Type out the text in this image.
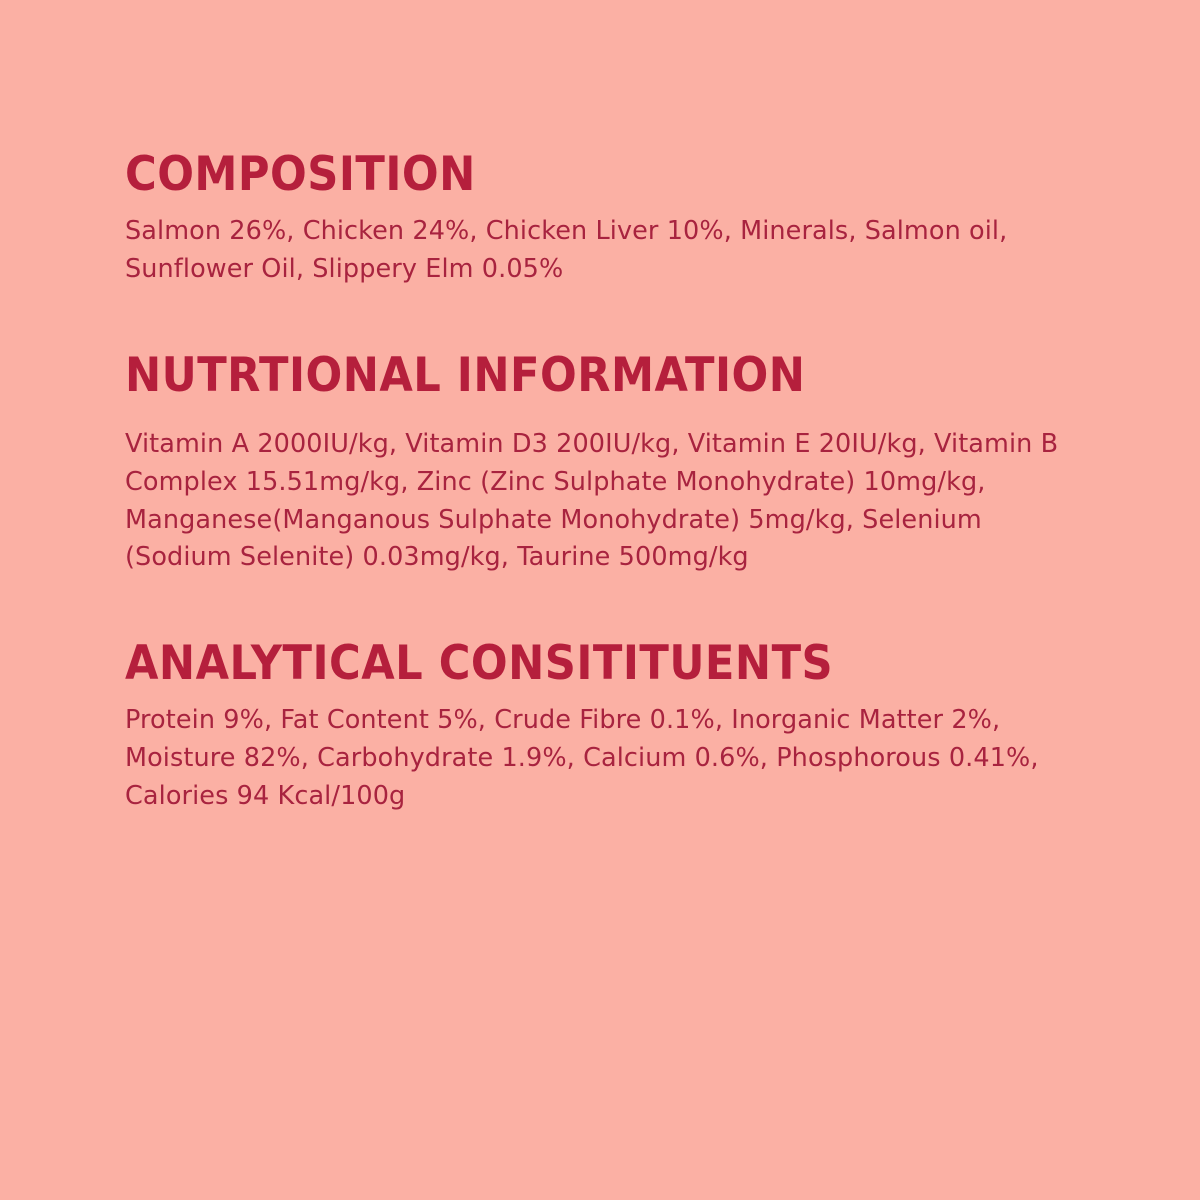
COMPOSITION

Salmon 26%, Chicken 24%, Chicken Liver 10%, Minerals, Salmon oil, Sunflower Oil, Slippery Elm 0.05%

NUTRTIONAL INFORMATION

Vitamin A 2000IU/kg, Vitamin D3 200IU/kg, Vitamin E 20IU/kg, Vitamin B Complex 15.51mg/kg, Zinc (Zinc Sulphate Monohydrate) 10mg/kg, Manganese(Manganous Sulphate Monohydrate) 5mg/kg, Selenium (Sodium Selenite) 0.03mg/kg, Taurine 500mg/kg

ANALYTICAL CONSITITUENTS

Protein 9%, Fat Content 5%, Crude Fibre 0.1%, Inorganic Matter 2%, Moisture 82%, Carbohydrate 1.9%, Calcium 0.6%, Phosphorous 0.41%, Calories 94 Kcal/100g
